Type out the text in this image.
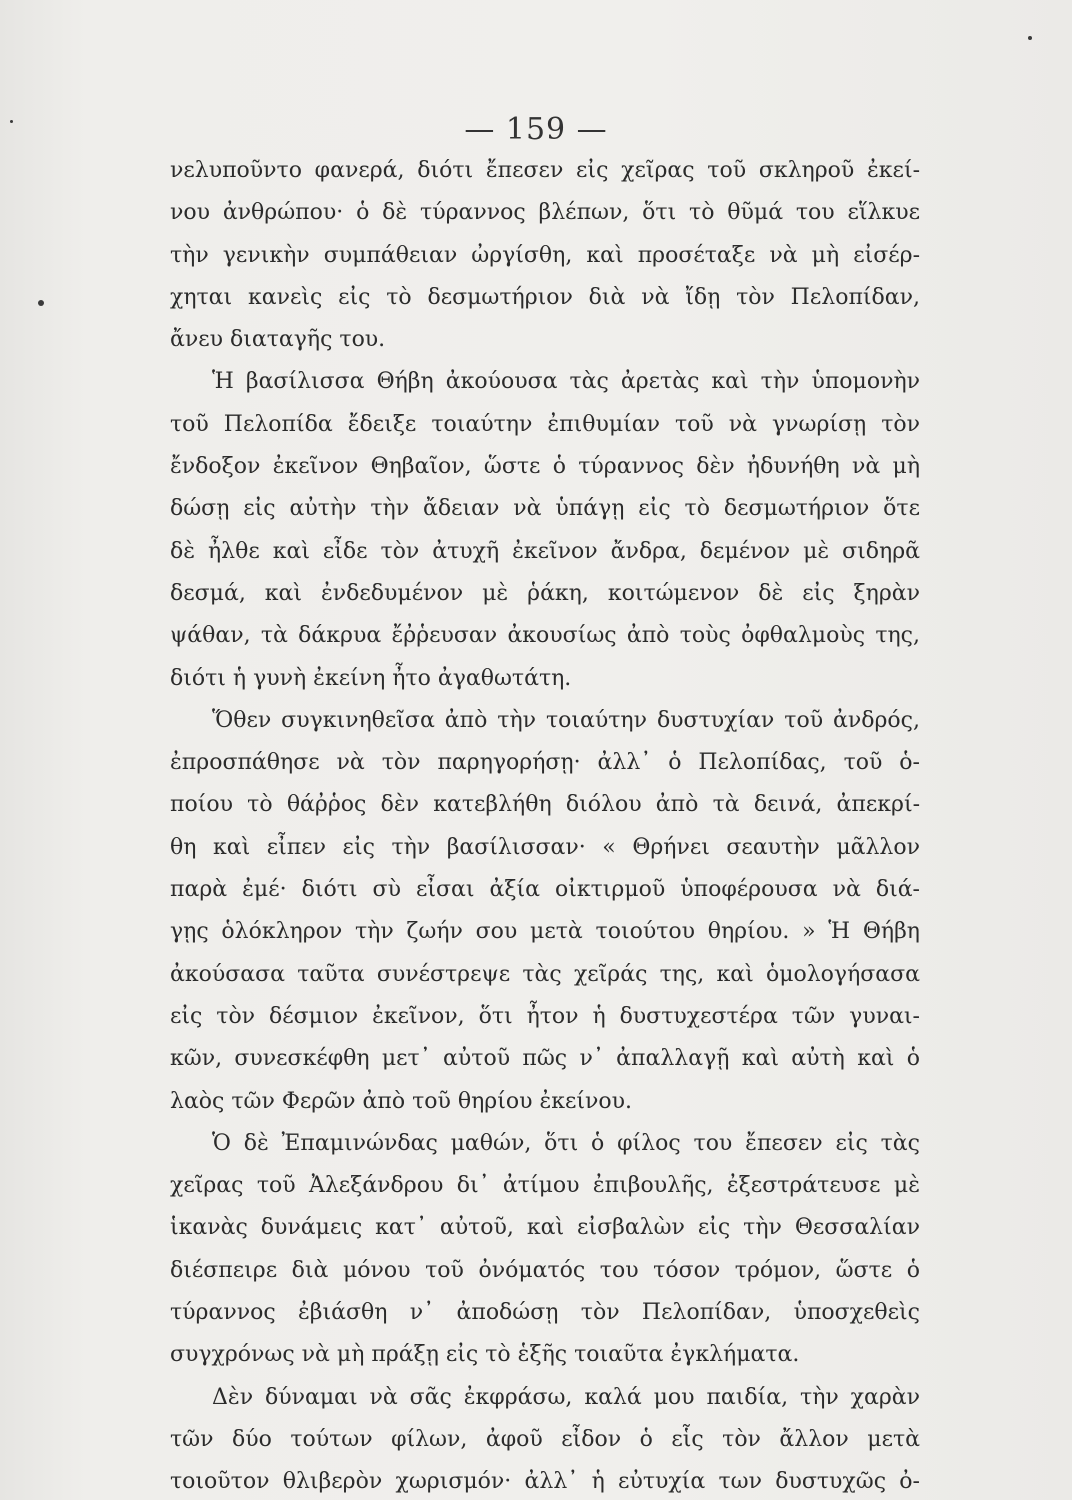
— 159 —
νελυποῦντο φανερά, διότι ἔπεσεν εἰς χεῖρας τοῦ σκληροῦ ἐκεί-
νου ἀνθρώπου· ὁ δὲ τύραννος βλέπων, ὅτι τὸ θῦμά του εἵλκυε
τὴν γενικὴν συμπάθειαν ὠργίσθη, καὶ προσέταξε νὰ μὴ εἰσέρ-
χηται κανεὶς εἰς τὸ δεσμωτήριον διὰ νὰ ἴδῃ τὸν Πελοπίδαν,
ἄνευ διαταγῆς του.
Ἡ βασίλισσα Θήβη ἀκούουσα τὰς ἀρετὰς καὶ τὴν ὑπομονὴν
τοῦ Πελοπίδα ἔδειξε τοιαύτην ἐπιθυμίαν τοῦ νὰ γνωρίσῃ τὸν
ἔνδοξον ἐκεῖνον Θηβαῖον, ὥστε ὁ τύραννος δὲν ἠδυνήθη νὰ μὴ
δώσῃ εἰς αὐτὴν τὴν ἄδειαν νὰ ὑπάγῃ εἰς τὸ δεσμωτήριον ὅτε
δὲ ἦλθε καὶ εἶδε τὸν ἀτυχῆ ἐκεῖνον ἄνδρα, δεμένον μὲ σιδηρᾶ
δεσμά, καὶ ἐνδεδυμένον μὲ ῥάκη, κοιτώμενον δὲ εἰς ξηρὰν
ψάθαν, τὰ δάκρυα ἔῤῥευσαν ἀκουσίως ἀπὸ τοὺς ὀφθαλμοὺς της,
διότι ἡ γυνὴ ἐκείνη ἦτο ἀγαθωτάτη.
Ὅθεν συγκινηθεῖσα ἀπὸ τὴν τοιαύτην δυστυχίαν τοῦ ἀνδρός,
ἐπροσπάθησε νὰ τὸν παρηγορήσῃ· ἀλλ᾽ ὁ Πελοπίδας, τοῦ ὁ-
ποίου τὸ θάῤῥος δὲν κατεβλήθη διόλου ἀπὸ τὰ δεινά, ἀπεκρί-
θη καὶ εἶπεν εἰς τὴν βασίλισσαν· « Θρήνει σεαυτὴν μᾶλλον
παρὰ ἐμέ· διότι σὺ εἶσαι ἀξία οἰκτιρμοῦ ὑποφέρουσα νὰ διά-
γῃς ὁλόκληρον τὴν ζωήν σου μετὰ τοιούτου θηρίου. » Ἡ Θήβη
ἀκούσασα ταῦτα συνέστρεψε τὰς χεῖράς της, καὶ ὁμολογήσασα
εἰς τὸν δέσμιον ἐκεῖνον, ὅτι ἦτον ἡ δυστυχεστέρα τῶν γυναι-
κῶν, συνεσκέφθη μετ᾽ αὐτοῦ πῶς ν᾽ ἀπαλλαγῇ καὶ αὐτὴ καὶ ὁ
λαὸς τῶν Φερῶν ἀπὸ τοῦ θηρίου ἐκείνου.
Ὁ δὲ Ἐπαμινώνδας μαθών, ὅτι ὁ φίλος του ἔπεσεν εἰς τὰς
χεῖρας τοῦ Ἀλεξάνδρου δι᾽ ἀτίμου ἐπιβουλῆς, ἐξεστράτευσε μὲ
ἱκανὰς δυνάμεις κατ᾽ αὐτοῦ, καὶ εἰσβαλὼν εἰς τὴν Θεσσαλίαν
διέσπειρε διὰ μόνου τοῦ ὀνόματός του τόσον τρόμον, ὥστε ὁ
τύραννος ἐβιάσθη ν᾽ ἀποδώσῃ τὸν Πελοπίδαν, ὑποσχεθεὶς
συγχρόνως νὰ μὴ πράξῃ εἰς τὸ ἑξῆς τοιαῦτα ἐγκλήματα.
Δὲν δύναμαι νὰ σᾶς ἐκφράσω, καλά μου παιδία, τὴν χαρὰν
τῶν δύο τούτων φίλων, ἀφοῦ εἶδον ὁ εἷς τὸν ἄλλον μετὰ
τοιοῦτον θλιβερὸν χωρισμόν· ἀλλ᾽ ἡ εὐτυχία των δυστυχῶς ὀ-
